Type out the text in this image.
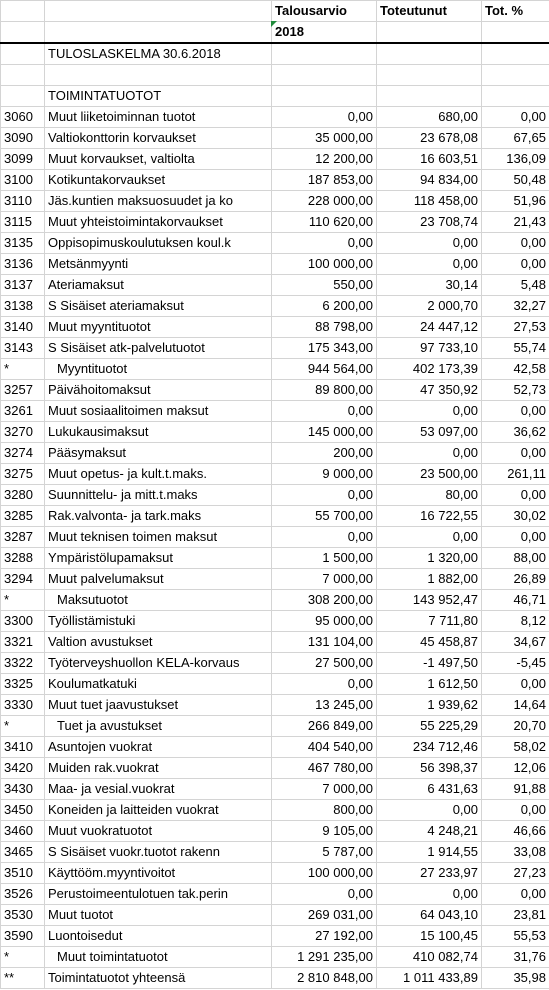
		Talousarvio	Toteutunut	Tot. %
		2018		
	TULOSLASKELMA 30.6.2018			

	TOIMINTATUOTOT			
3060	Muut liiketoiminnan tuotot	0,00	680,00	0,00
3090	Valtiokonttorin korvaukset	35 000,00	23 678,08	67,65
3099	Muut korvaukset, valtiolta	12 200,00	16 603,51	136,09
3100	Kotikuntakorvaukset	187 853,00	94 834,00	50,48
3110	Jäs.kuntien maksuosuudet ja ko	228 000,00	118 458,00	51,96
3115	Muut yhteistoimintakorvaukset	110 620,00	23 708,74	21,43
3135	Oppisopimuskoulutuksen koul.k	0,00	0,00	0,00
3136	Metsänmyynti	100 000,00	0,00	0,00
3137	Ateriamaksut	550,00	30,14	5,48
3138	S Sisäiset ateriamaksut	6 200,00	2 000,70	32,27
3140	Muut myyntituotot	88 798,00	24 447,12	27,53
3143	S Sisäiset atk-palvelutuotot	175 343,00	97 733,10	55,74
*	Myyntituotot	944 564,00	402 173,39	42,58
3257	Päivähoitomaksut	89 800,00	47 350,92	52,73
3261	Muut sosiaalitoimen maksut	0,00	0,00	0,00
3270	Lukukausimaksut	145 000,00	53 097,00	36,62
3274	Pääsymaksut	200,00	0,00	0,00
3275	Muut opetus- ja kult.t.maks.	9 000,00	23 500,00	261,11
3280	Suunnittelu- ja mitt.t.maks	0,00	80,00	0,00
3285	Rak.valvonta- ja tark.maks	55 700,00	16 722,55	30,02
3287	Muut teknisen toimen maksut	0,00	0,00	0,00
3288	Ympäristölupamaksut	1 500,00	1 320,00	88,00
3294	Muut palvelumaksut	7 000,00	1 882,00	26,89
*	Maksutuotot	308 200,00	143 952,47	46,71
3300	Työllistämistuki	95 000,00	7 711,80	8,12
3321	Valtion avustukset	131 104,00	45 458,87	34,67
3322	Työterveyshuollon KELA-korvaus	27 500,00	-1 497,50	-5,45
3325	Koulumatkatuki	0,00	1 612,50	0,00
3330	Muut tuet jaavustukset	13 245,00	1 939,62	14,64
*	Tuet ja avustukset	266 849,00	55 225,29	20,70
3410	Asuntojen vuokrat	404 540,00	234 712,46	58,02
3420	Muiden rak.vuokrat	467 780,00	56 398,37	12,06
3430	Maa- ja vesial.vuokrat	7 000,00	6 431,63	91,88
3450	Koneiden ja laitteiden vuokrat	800,00	0,00	0,00
3460	Muut vuokratuotot	9 105,00	4 248,21	46,66
3465	S Sisäiset vuokr.tuotot rakenn	5 787,00	1 914,55	33,08
3510	Käyttööm.myyntivoitot	100 000,00	27 233,97	27,23
3526	Perustoimeentulotuen tak.perin	0,00	0,00	0,00
3530	Muut tuotot	269 031,00	64 043,10	23,81
3590	Luontoisedut	27 192,00	15 100,45	55,53
*	Muut toimintatuotot	1 291 235,00	410 082,74	31,76
**	Toimintatuotot yhteensä	2 810 848,00	1 011 433,89	35,98
